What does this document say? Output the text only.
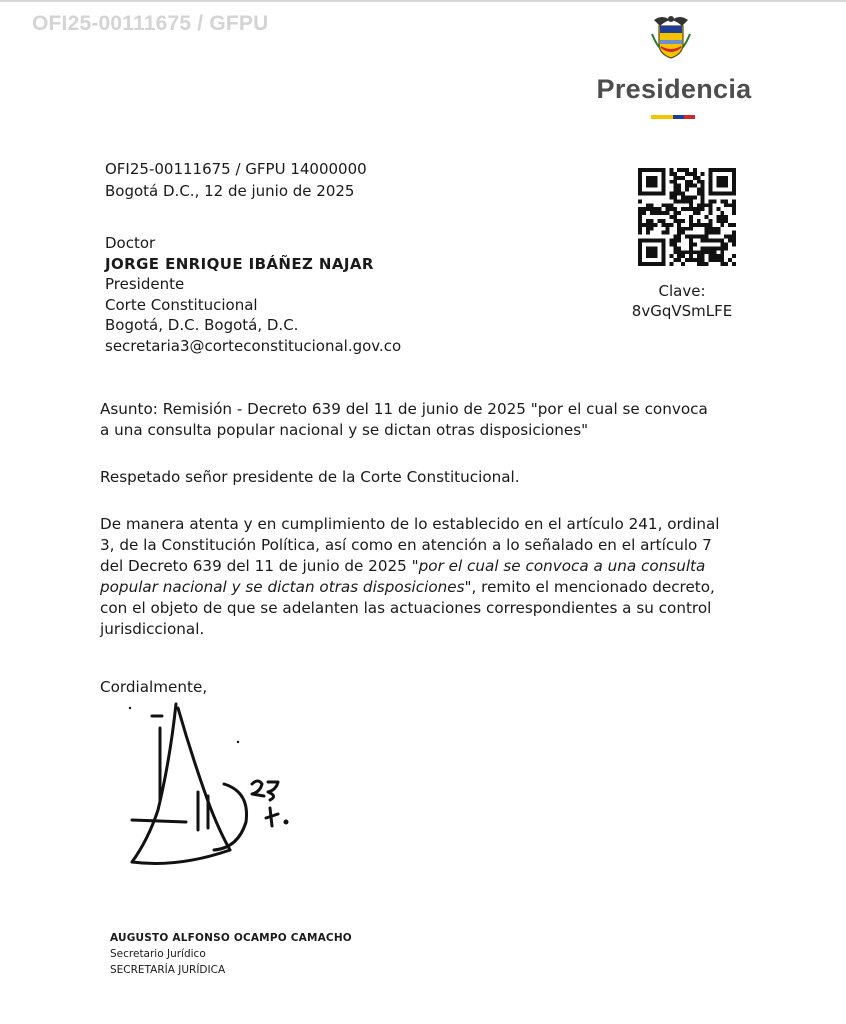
OFI25-00111675 / GFPU
Presidencia
OFI25-00111675 / GFPU 14000000
Bogotá D.C., 12 de junio de 2025
Doctor
JORGE ENRIQUE IBÁÑEZ NAJAR
Presidente
Corte Constitucional
Bogotá, D.C. Bogotá, D.C.
secretaria3@corteconstitucional.gov.co
Clave:
8vGqVSmLFE
Asunto: Remisión - Decreto 639 del 11 de junio de 2025 "por el cual se convoca
a una consulta popular nacional y se dictan otras disposiciones"
Respetado señor presidente de la Corte Constitucional.
De manera atenta y en cumplimiento de lo establecido en el artículo 241, ordinal
3, de la Constitución Política, así como en atención a lo señalado en el artículo 7
del Decreto 639 del 11 de junio de 2025 "por el cual se convoca a una consulta
popular nacional y se dictan otras disposiciones", remito el mencionado decreto,
con el objeto de que se adelanten las actuaciones correspondientes a su control
jurisdiccional.
Cordialmente,
AUGUSTO ALFONSO OCAMPO CAMACHO
Secretario Jurídico
SECRETARÍA JURÍDICA
